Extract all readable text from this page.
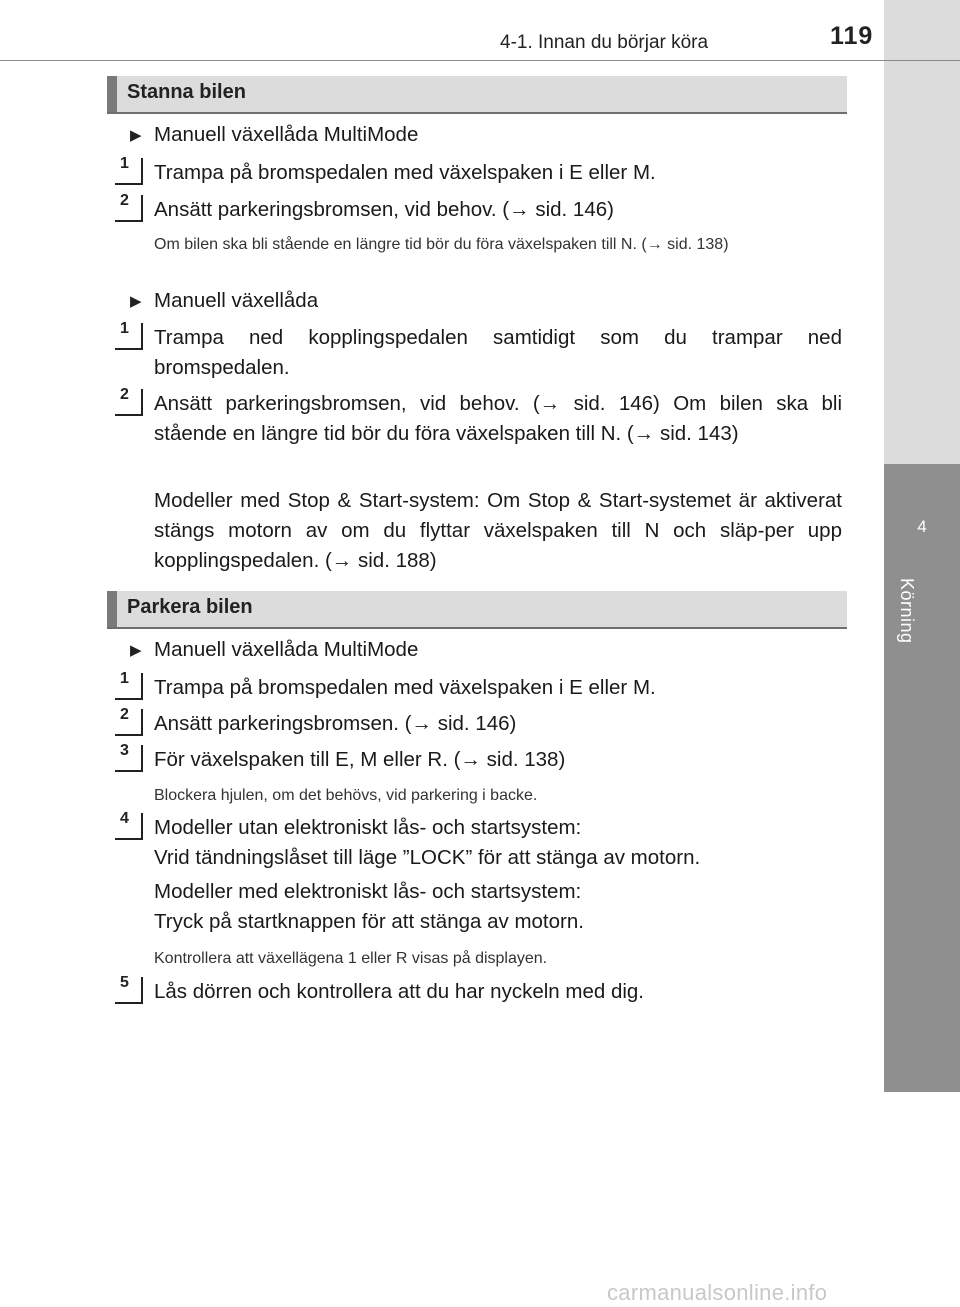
4
Körning
4-1. Innan du börjar köra	119
Stanna bilen
▶ Manuell växellåda MultiMode
1 Trampa på bromspedalen med växelspaken i E eller M.
2 Ansätt parkeringsbromsen, vid behov. (→ sid. 146)
Om bilen ska bli stående en längre tid bör du föra växelspaken till N. (→ sid. 138)
▶ Manuell växellåda
1 Trampa ned kopplingspedalen samtidigt som du trampar ned bromspedalen.
2 Ansätt parkeringsbromsen, vid behov. (→ sid. 146) Om bilen ska bli stående en längre tid bör du föra växelspaken till N. (→ sid. 143)
Modeller med Stop & Start-system: Om Stop & Start-systemet är aktiverat stängs motorn av om du flyttar växelspaken till N och släp-per upp kopplingspedalen. (→ sid. 188)
Parkera bilen
▶ Manuell växellåda MultiMode
1 Trampa på bromspedalen med växelspaken i E eller M.
2 Ansätt parkeringsbromsen. (→ sid. 146)
3 För växelspaken till E, M eller R. (→ sid. 138)
Blockera hjulen, om det behövs, vid parkering i backe.
4 Modeller utan elektroniskt lås- och startsystem:
Vrid tändningslåset till läge ”LOCK” för att stänga av motorn.
Modeller med elektroniskt lås- och startsystem:
Tryck på startknappen för att stänga av motorn.
Kontrollera att växellägena 1 eller R visas på displayen.
5 Lås dörren och kontrollera att du har nyckeln med dig.
carmanualsonline.info
